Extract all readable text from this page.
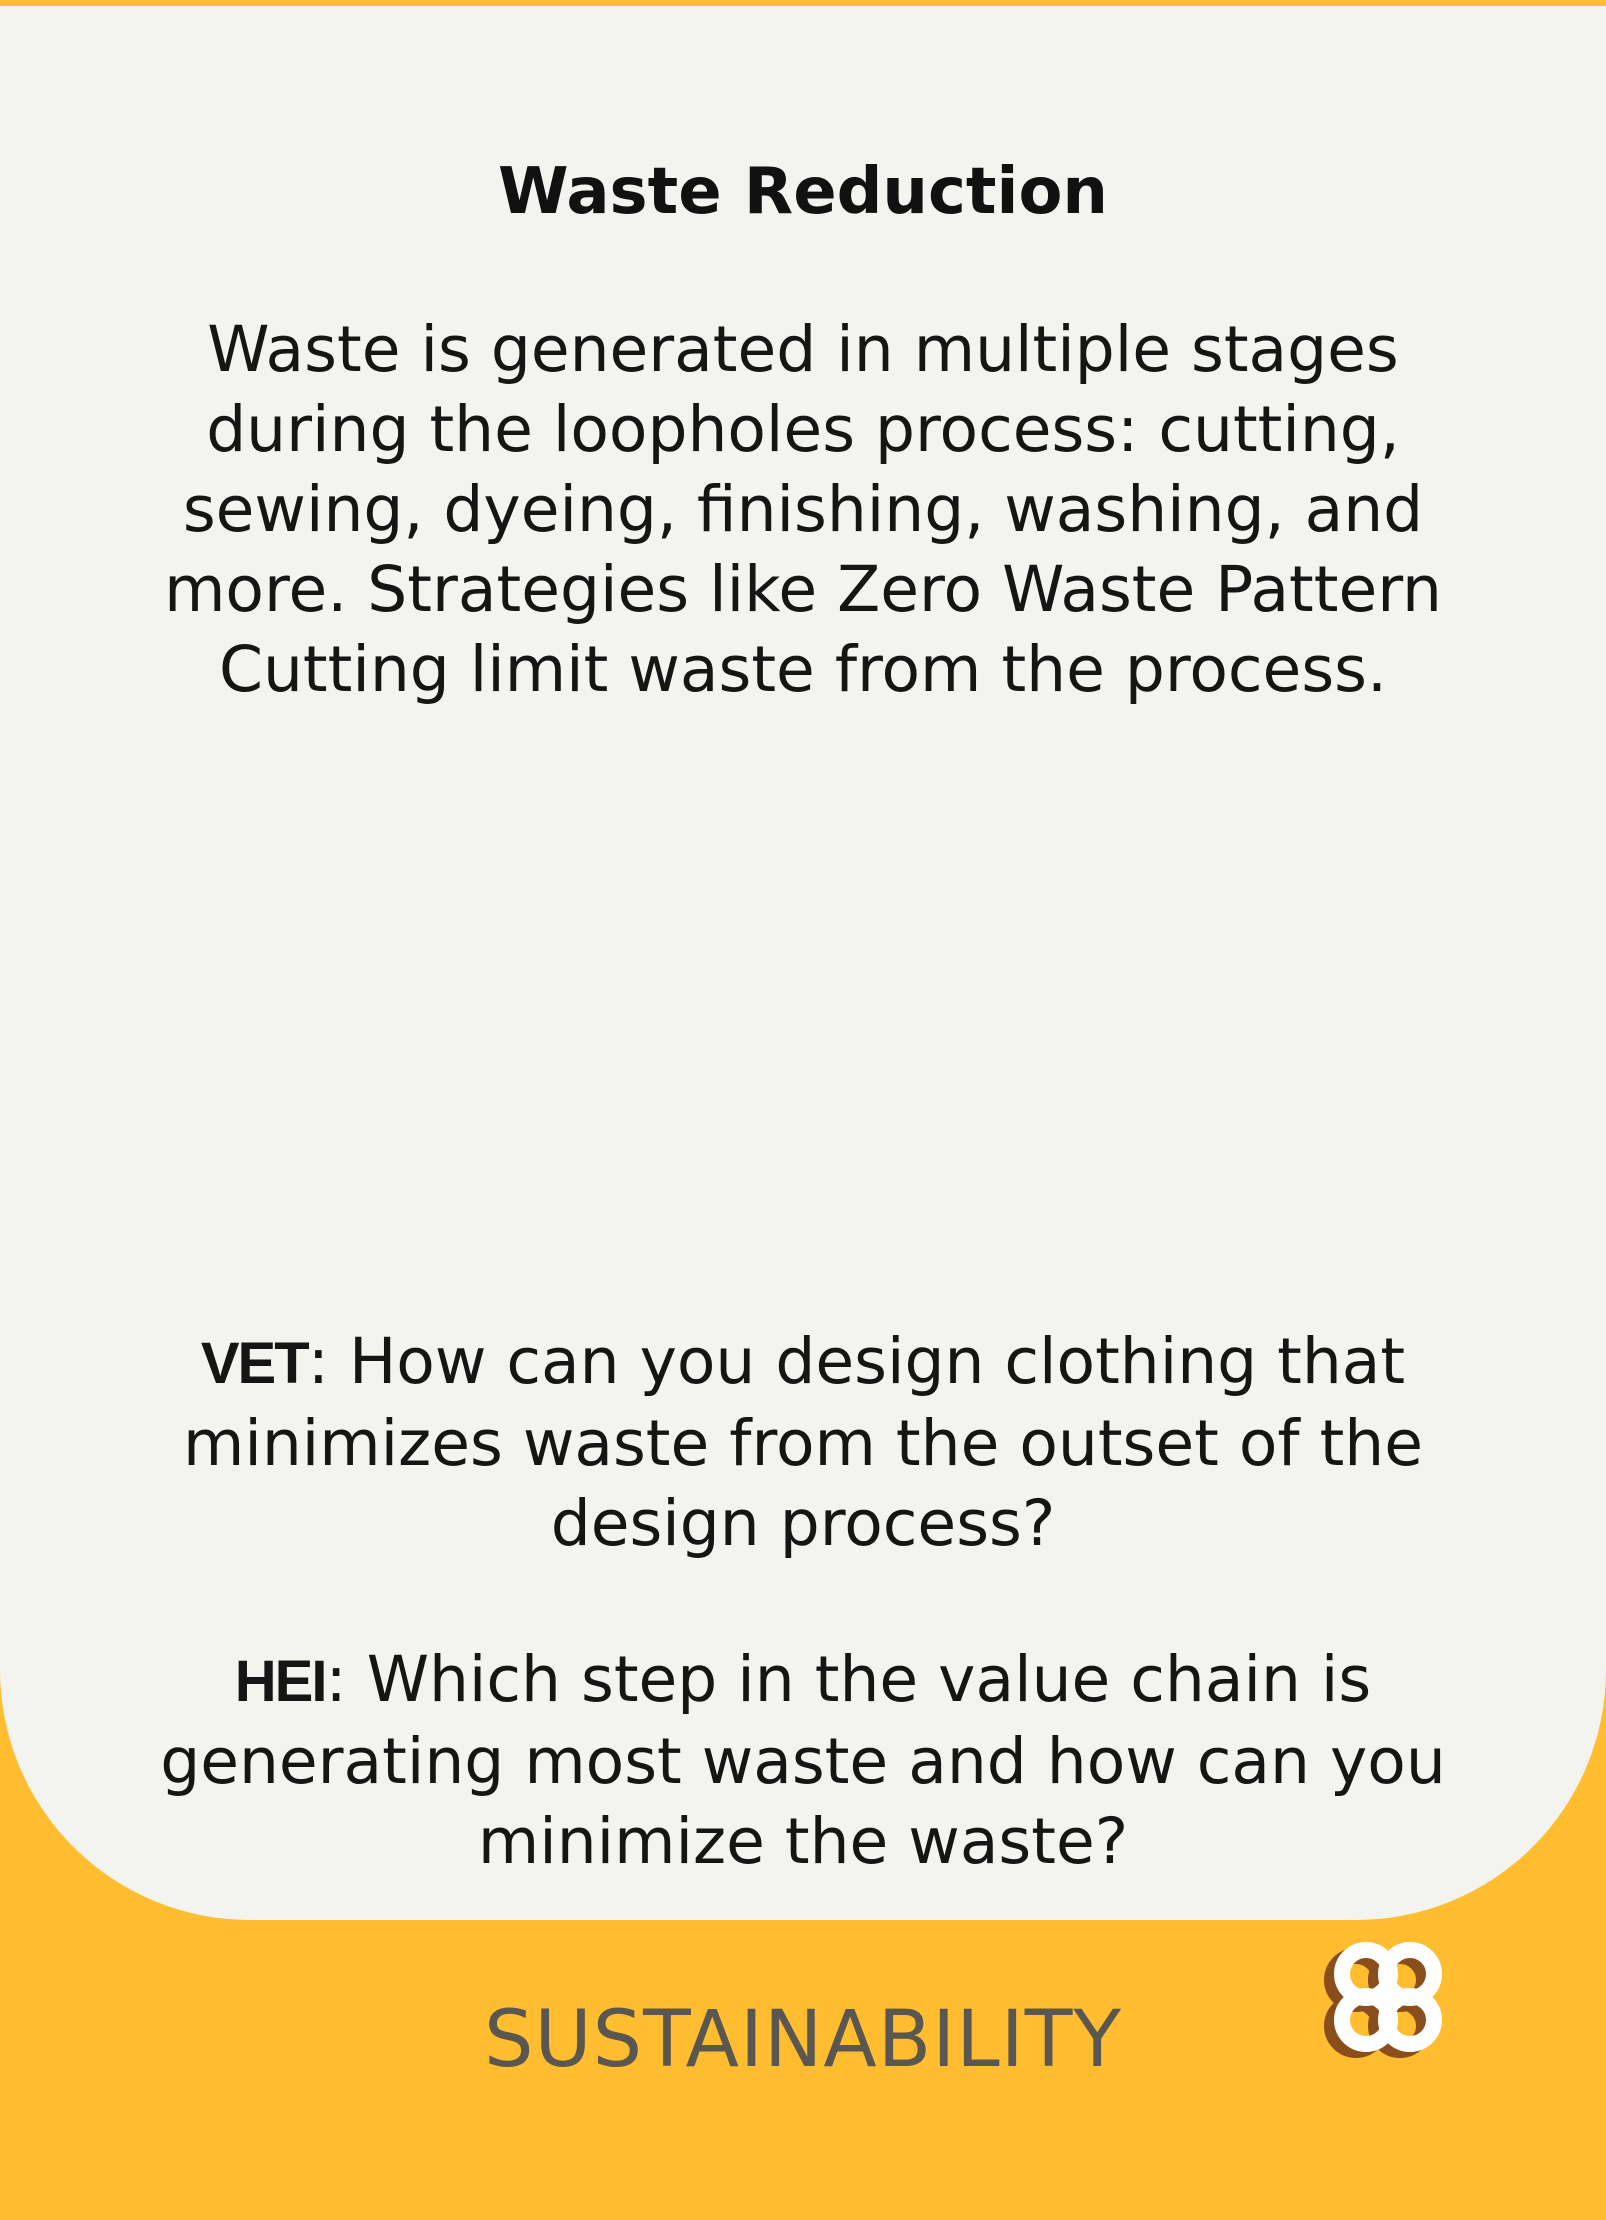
Waste Reduction
Waste is generated in multiple stages during the loopholes process: cutting, sewing, dyeing, finishing, washing, and more. Strategies like Zero Waste Pattern Cutting limit waste from the process.
VET: How can you design clothing that minimizes waste from the outset of the design process?
HEI: Which step in the value chain is generating most waste and how can you minimize the waste?
SUSTAINABILITY
